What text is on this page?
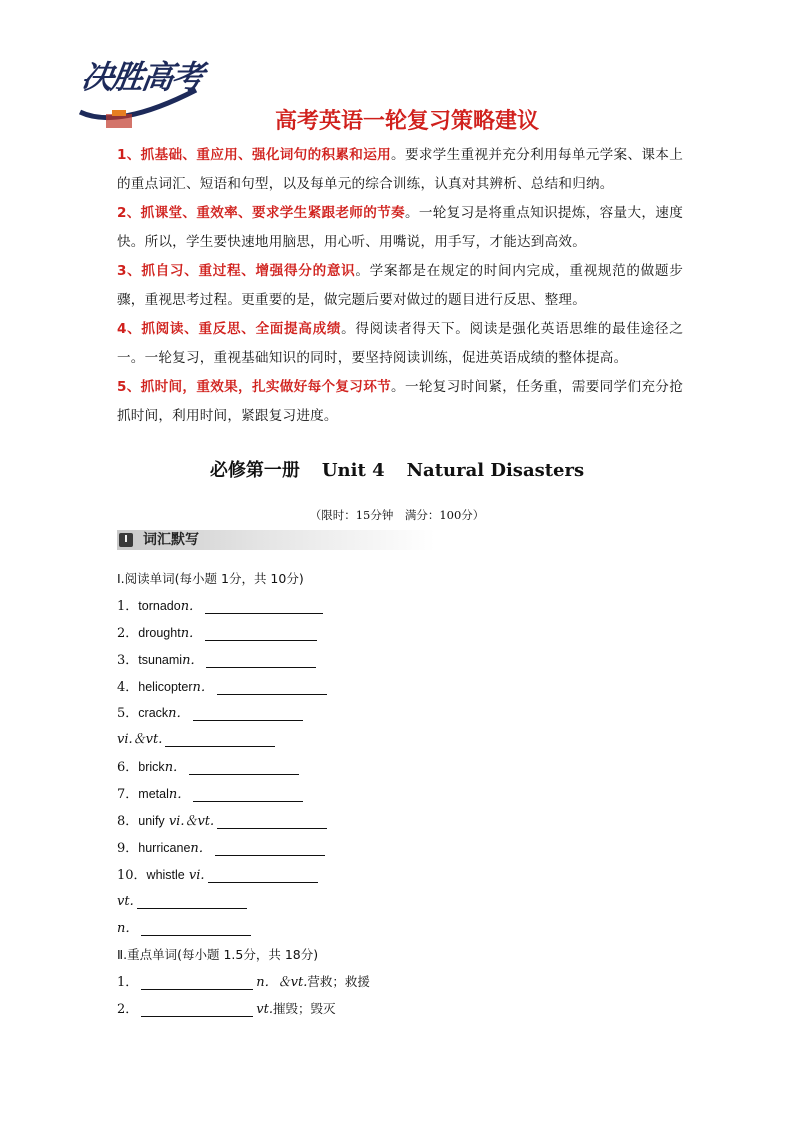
决胜高考
高考英语一轮复习策略建议

1、抓基础、重应用、强化词句的积累和运用。要求学生重视并充分利用每单元学案、课本上的重点词汇、短语和句型，以及每单元的综合训练，认真对其辨析、总结和归纳。

2、抓课堂、重效率、要求学生紧跟老师的节奏。一轮复习是将重点知识提炼，容量大，速度快。所以，学生要快速地用脑思，用心听、用嘴说，用手写，才能达到高效。

3、抓自习、重过程、增强得分的意识。学案都是在规定的时间内完成，重视规范的做题步骤，重视思考过程。更重要的是，做完题后要对做过的题目进行反思、整理。

4、抓阅读、重反思、全面提高成绩。得阅读者得天下。阅读是强化英语思维的最佳途径之一。一轮复习，重视基础知识的同时，要坚持阅读训练，促进英语成绩的整体提高。

5、抓时间，重效果，扎实做好每个复习环节。一轮复习时间紧，任务重，需要同学们充分抢抓时间，利用时间，紧跟复习进度。

必修第一册 Unit 4 Natural Disasters
（限时：15分钟　满分：100分）
Ⅰ	词汇默写
Ⅰ.阅读单词(每小题 1分，共 10分)
1．tornadon．
2．droughtn．
3．tsunamin．
4．helicoptern．
5．crackn．
vi.＆vt.
6．brickn．
7．metaln．
8．unify vi.＆vt.
9．hurricanen．
10．whistle vi.
vt.
n．
Ⅱ.重点单词(每小题 1.5分，共 18分)
1．	n．＆vt.营救；救援
2．	vt.摧毁；毁灭
